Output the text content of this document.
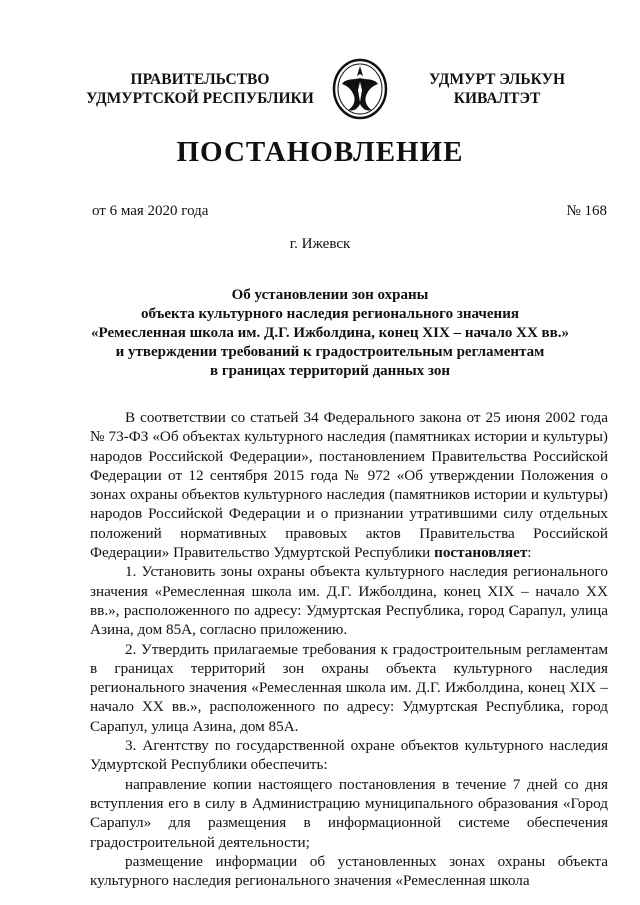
ПРАВИТЕЛЬСТВО
УДМУРТСКОЙ РЕСПУБЛИКИ
УДМУРТ ЭЛЬКУН
КИВАЛТЭТ
ПОСТАНОВЛЕНИЕ
от 6 мая 2020 года	№ 168
г. Ижевск
Об установлении зон охраны
объекта культурного наследия регионального значения
«Ремесленная школа им. Д.Г. Ижболдина, конец XIX – начало XX вв.»
и утверждении требований к градостроительным регламентам
в границах территорий данных зон

В соответствии со статьей 34 Федерального закона от 25 июня 2002 года № 73-ФЗ «Об объектах культурного наследия (памятниках истории и культуры) народов Российской Федерации», постановлением Правительства Российской Федерации от 12 сентября 2015 года № 972 «Об утверждении Положения о зонах охраны объектов культурного наследия (памятников истории и культуры) народов Российской Федерации и о признании утратившими силу отдельных положений нормативных правовых актов Правительства Российской Федерации» Правительство Удмуртской Республики постановляет:

1. Установить зоны охраны объекта культурного наследия регионального значения «Ремесленная школа им. Д.Г. Ижболдина, конец XIX – начало XX вв.», расположенного по адресу: Удмуртская Республика, город Сарапул, улица Азина, дом 85А, согласно приложению.

2. Утвердить прилагаемые требования к градостроительным регламентам в границах территорий зон охраны объекта культурного наследия регионального значения «Ремесленная школа им. Д.Г. Ижболдина, конец XIX – начало XX вв.», расположенного по адресу: Удмуртская Республика, город Сарапул, улица Азина, дом 85А.

3. Агентству по государственной охране объектов культурного наследия Удмуртской Республики обеспечить:

направление копии настоящего постановления в течение 7 дней со дня вступления его в силу в Администрацию муниципального образования «Город Сарапул» для размещения в информационной системе обеспечения градостроительной деятельности;

размещение информации об установленных зонах охраны объекта культурного наследия регионального значения «Ремесленная школа
